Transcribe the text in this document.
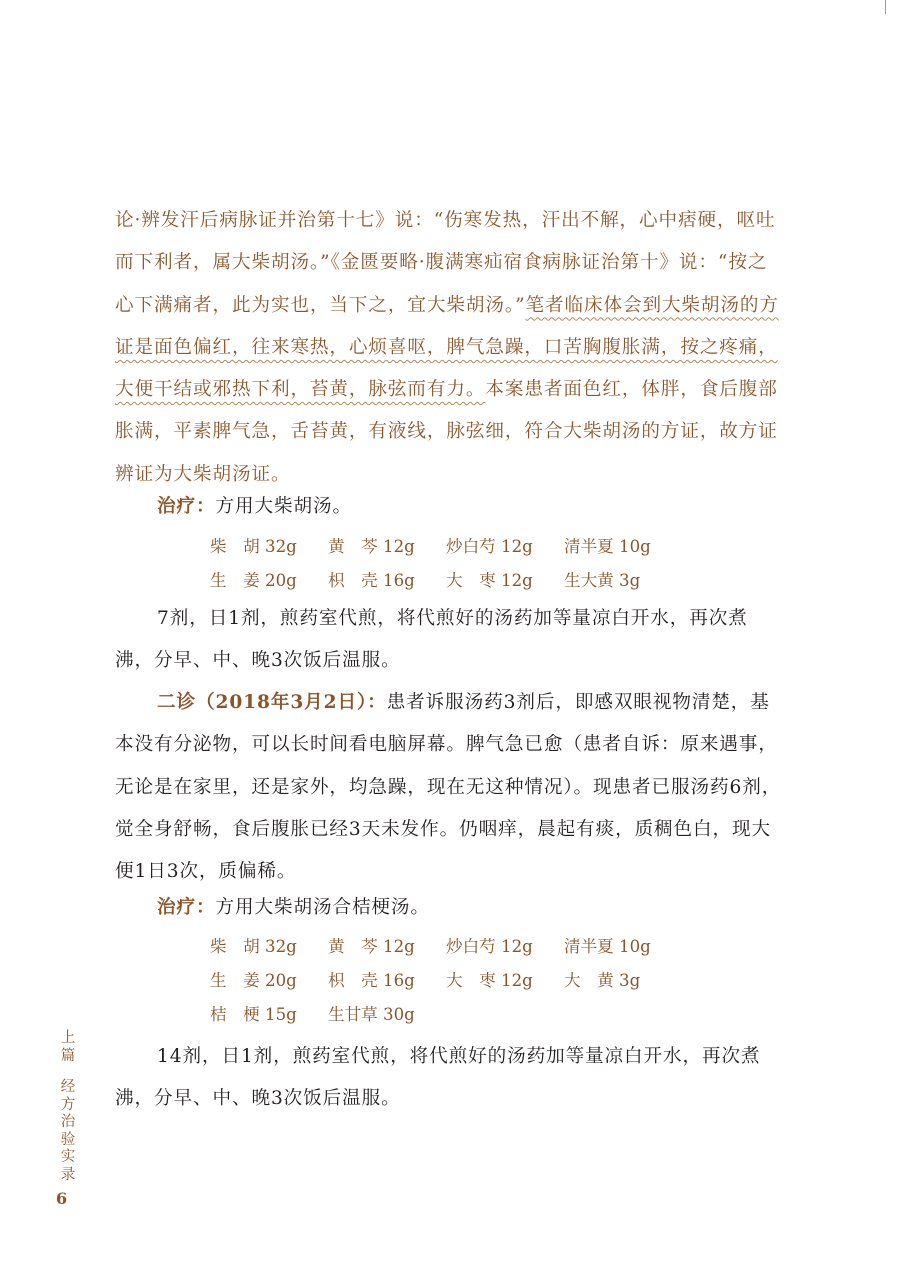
论·辨发汗后病脉证并治第十七》说：“伤寒发热，汗出不解，心中痞硬，呕吐而下利者，属大柴胡汤。”《金匮要略·腹满寒疝宿食病脉证治第十》说：“按之心下满痛者，此为实也，当下之，宜大柴胡汤。”笔者临床体会到大柴胡汤的方证是面色偏红，往来寒热，心烦喜呕，脾气急躁，口苦胸腹胀满，按之疼痛，大便干结或邪热下利，苔黄，脉弦而有力。本案患者面色红，体胖，食后腹部胀满，平素脾气急，舌苔黄，有液线，脉弦细，符合大柴胡汤的方证，故方证辨证为大柴胡汤证。

治疗：方用大柴胡汤。

柴　胡 32g 黄　芩 12g 炒白芍 12g 清半夏 10g
生　姜 20g 枳　壳 16g 大　枣 12g 生大黄 3g

7剂，日1剂，煎药室代煎，将代煎好的汤药加等量凉白开水，再次煮沸，分早、中、晚3次饭后温服。

二诊（2018年3月2日）：患者诉服汤药3剂后，即感双眼视物清楚，基本没有分泌物，可以长时间看电脑屏幕。脾气急已愈（患者自诉：原来遇事，无论是在家里，还是家外，均急躁，现在无这种情况）。现患者已服汤药6剂，觉全身舒畅，食后腹胀已经3天未发作。仍咽痒，晨起有痰，质稠色白，现大便1日3次，质偏稀。

治疗：方用大柴胡汤合桔梗汤。

柴　胡 32g 黄　芩 12g 炒白芍 12g 清半夏 10g
生　姜 20g 枳　壳 16g 大　枣 12g 大　黄 3g
桔　梗 15g 生甘草 30g

14剂，日1剂，煎药室代煎，将代煎好的汤药加等量凉白开水，再次煮沸，分早、中、晚3次饭后温服。

上
篇
经
方
治
验
实
录
6
